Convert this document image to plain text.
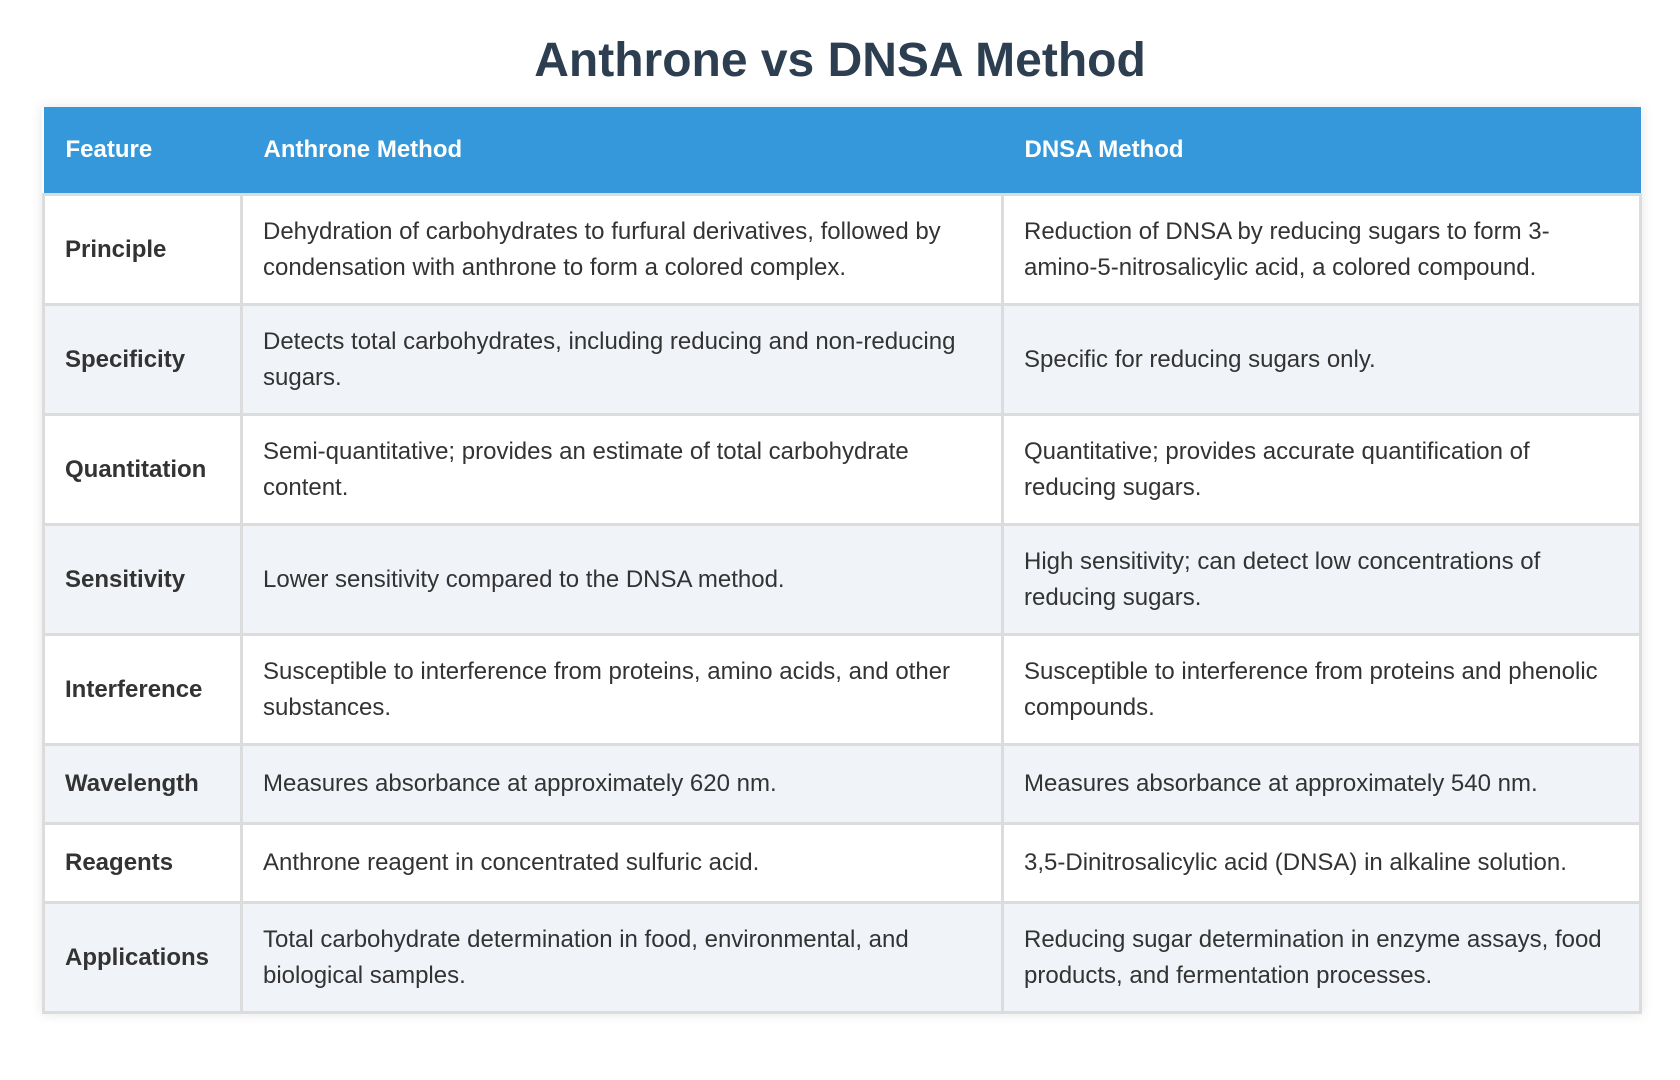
Anthrone vs DNSA Method
Feature	Anthrone Method	DNSA Method
Principle	Dehydration of carbohydrates to furfural derivatives, followed by condensation with anthrone to form a colored complex.	Reduction of DNSA by reducing sugars to form 3-amino-5-nitrosalicylic acid, a colored compound.
Specificity	Detects total carbohydrates, including reducing and non-reducing sugars.	Specific for reducing sugars only.
Quantitation	Semi-quantitative; provides an estimate of total carbohydrate content.	Quantitative; provides accurate quantification of reducing sugars.
Sensitivity	Lower sensitivity compared to the DNSA method.	High sensitivity; can detect low concentrations of reducing sugars.
Interference	Susceptible to interference from proteins, amino acids, and other substances.	Susceptible to interference from proteins and phenolic compounds.
Wavelength	Measures absorbance at approximately 620 nm.	Measures absorbance at approximately 540 nm.
Reagents	Anthrone reagent in concentrated sulfuric acid.	3,5-Dinitrosalicylic acid (DNSA) in alkaline solution.
Applications	Total carbohydrate determination in food, environmental, and biological samples.	Reducing sugar determination in enzyme assays, food products, and fermentation processes.
